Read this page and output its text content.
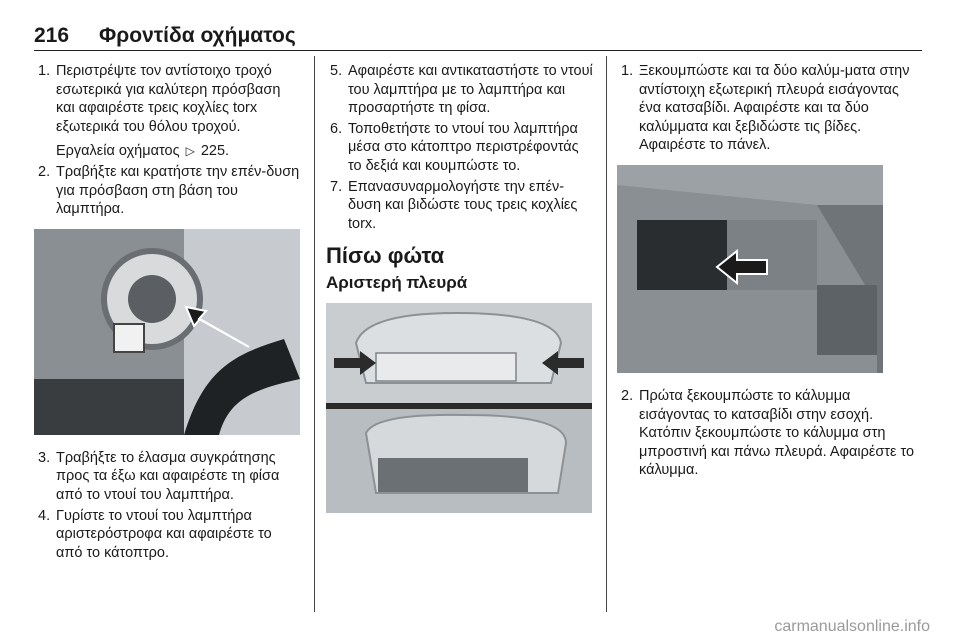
216 Φροντίδα οχήματος
1. Περιστρέψτε τον αντίστοιχο τροχό εσωτερικά για καλύτερη πρόσβαση και αφαιρέστε τρεις κοχλίες torx εξωτερικά του θόλου τροχού.
Εργαλεία οχήματος ▷ 225.
2. Τραβήξτε και κρατήστε την επέν-δυση για πρόσβαση στη βάση του λαμπτήρα.
3. Τραβήξτε το έλασμα συγκράτησης προς τα έξω και αφαιρέστε τη φίσα από το ντουί του λαμπτήρα.
4. Γυρίστε το ντουί του λαμπτήρα αριστερόστροφα και αφαιρέστε το από το κάτοπτρο.
5. Αφαιρέστε και αντικαταστήστε το ντουί του λαμπτήρα με το λαμπτήρα και προσαρτήστε τη φίσα.
6. Τοποθετήστε το ντουί του λαμπτήρα μέσα στο κάτοπτρο περιστρέφοντάς το δεξιά και κουμπώστε το.
7. Επανασυναρμολογήστε την επέν-δυση και βιδώστε τους τρεις κοχλίες torx.
Πίσω φώτα
Αριστερή πλευρά
1. Ξεκουμπώστε και τα δύο καλύμ-ματα στην αντίστοιχη εξωτερική πλευρά εισάγοντας ένα κατσαβίδι. Αφαιρέστε και τα δύο καλύμματα και ξεβιδώστε τις βίδες. Αφαιρέστε το πάνελ.
2. Πρώτα ξεκουμπώστε το κάλυμμα εισάγοντας το κατσαβίδι στην εσοχή. Κατόπιν ξεκουμπώστε το κάλυμμα στη μπροστινή και πάνω πλευρά. Αφαιρέστε το κάλυμμα.
carmanualsonline.info
